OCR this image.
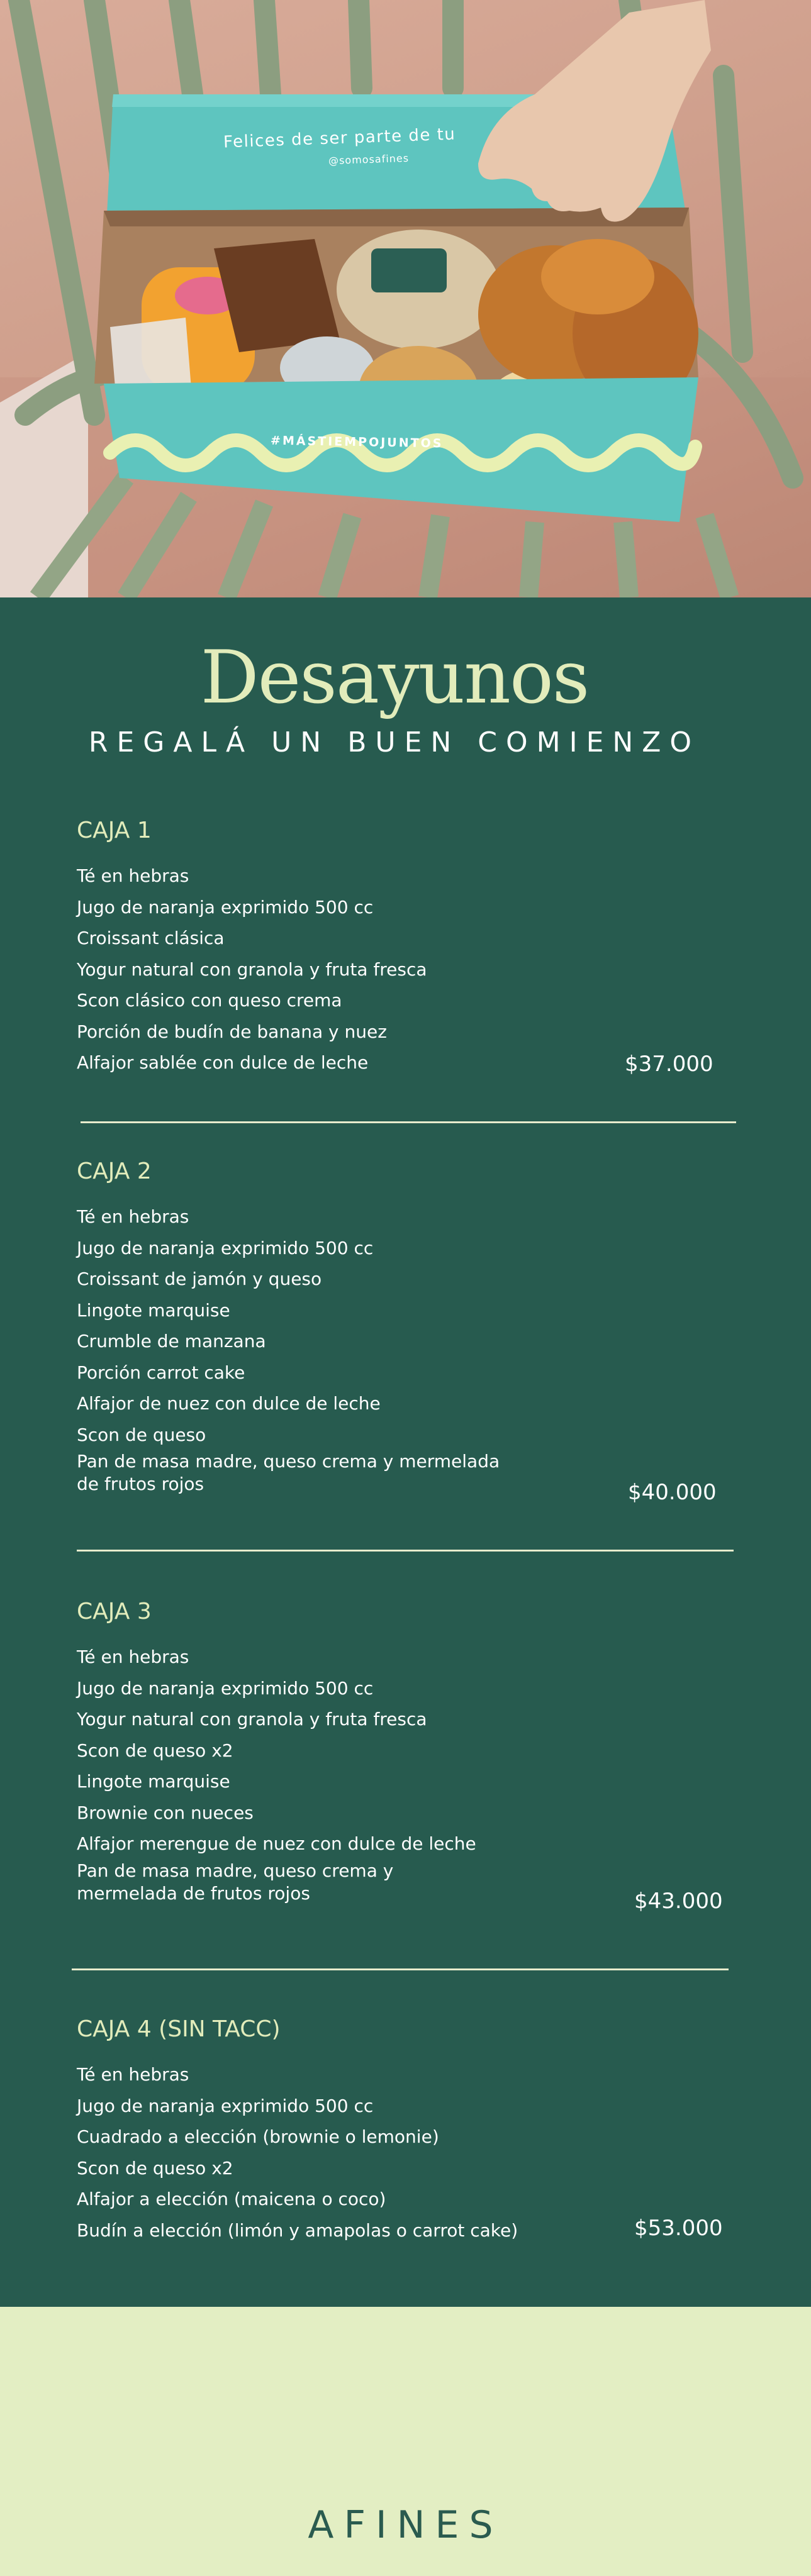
Felices de ser parte de tu
@somosafines
#MÁSTIEMPOJUNTOS
Desayunos
REGALÁ UN BUEN COMIENZO
CAJA 1
Té en hebras
Jugo de naranja exprimido 500 cc
Croissant clásica
Yogur natural con granola y fruta fresca
Scon clásico con queso crema
Porción de budín de banana y nuez
Alfajor sablée con dulce de leche	$37.000
CAJA 2
Té en hebras
Jugo de naranja exprimido 500 cc
Croissant de jamón y queso
Lingote marquise
Crumble de manzana
Porción carrot cake
Alfajor de nuez con dulce de leche
Scon de queso
Pan de masa madre, queso crema y mermelada
de frutos rojos	$40.000
CAJA 3
Té en hebras
Jugo de naranja exprimido 500 cc
Yogur natural con granola y fruta fresca
Scon de queso x2
Lingote marquise
Brownie con nueces
Alfajor merengue de nuez con dulce de leche
Pan de masa madre, queso crema y
mermelada de frutos rojos	$43.000
CAJA 4 (SIN TACC)
Té en hebras
Jugo de naranja exprimido 500 cc
Cuadrado a elección (brownie o lemonie)
Scon de queso x2
Alfajor a elección (maicena o coco)
Budín a elección (limón y amapolas o carrot cake)	$53.000
AFINES
